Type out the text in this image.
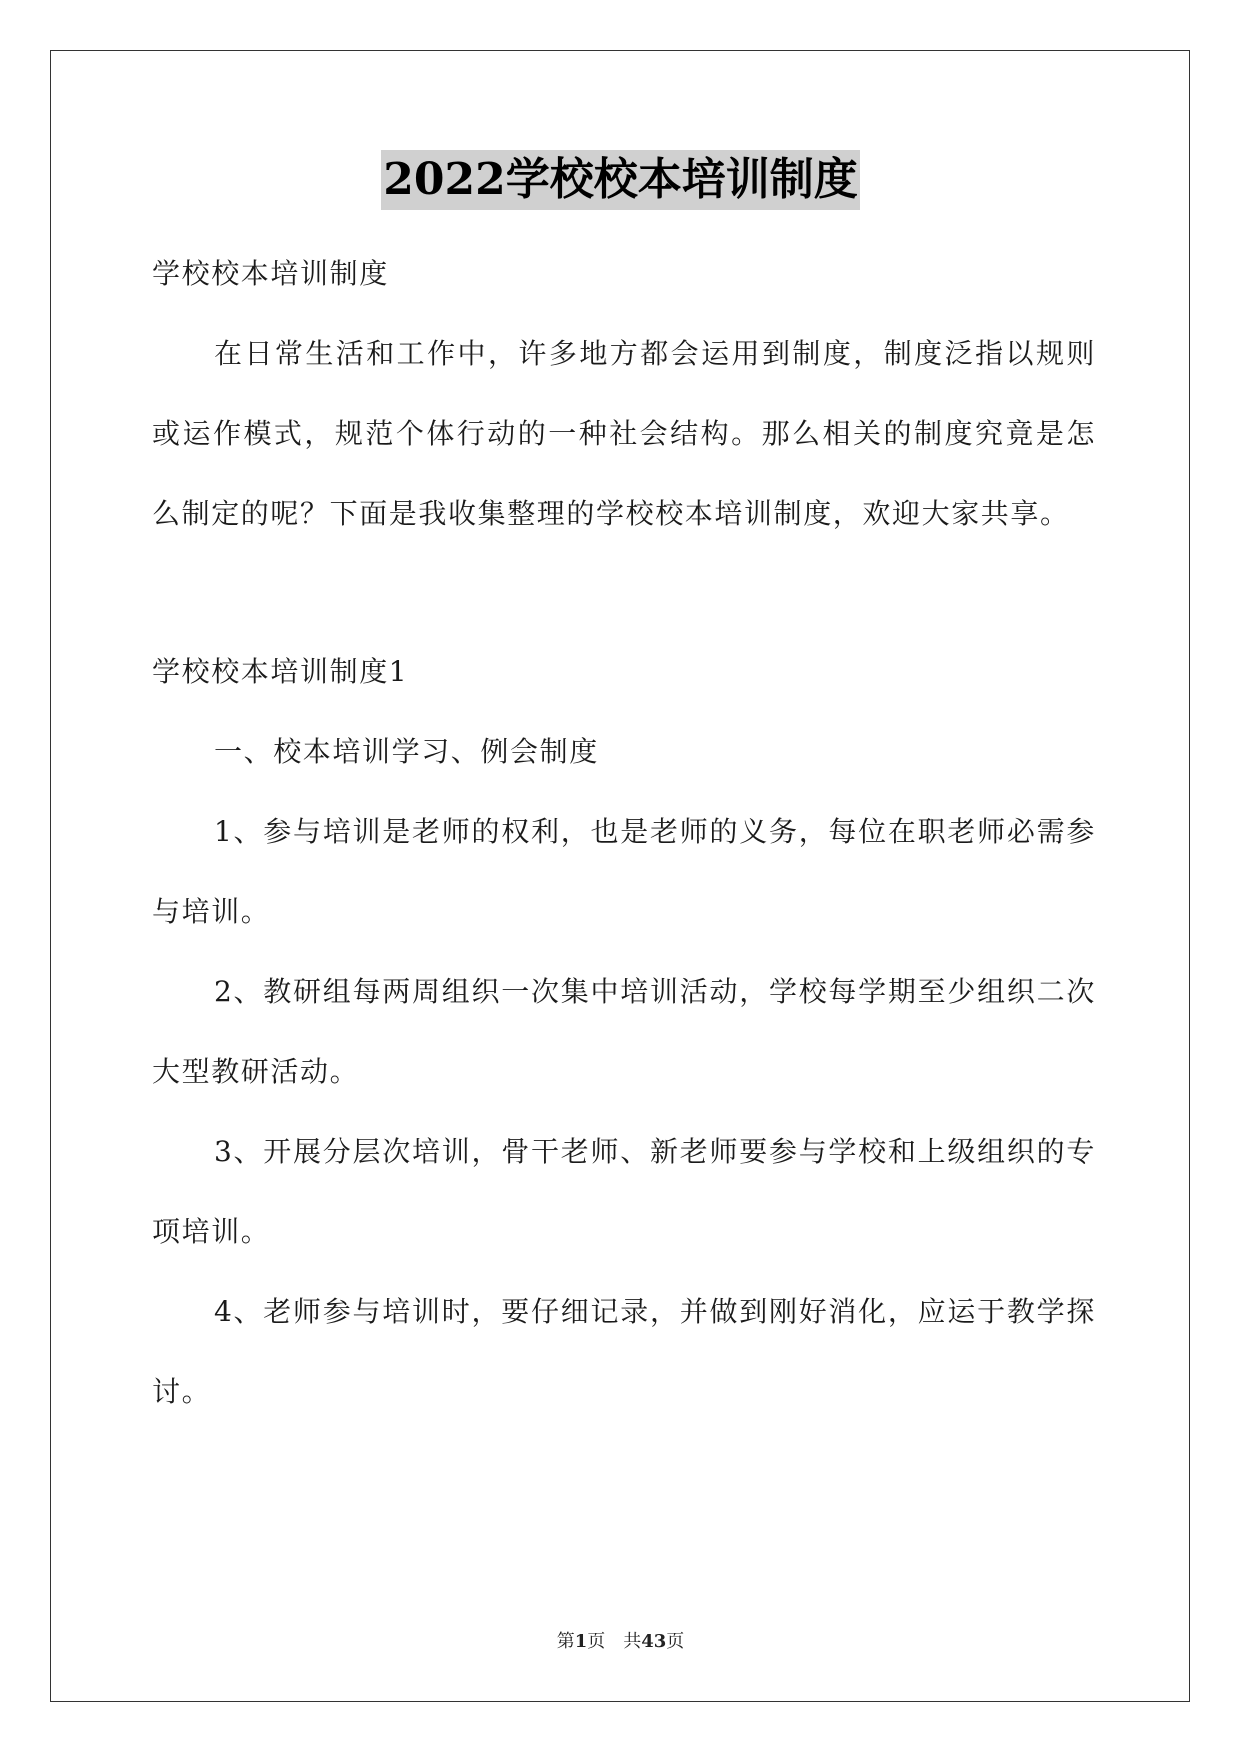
2022学校校本培训制度

学校校本培训制度

在日常生活和工作中，许多地方都会运用到制度，制度泛指以规则或运作模式，规范个体行动的一种社会结构。那么相关的制度究竟是怎么制定的呢？下面是我收集整理的学校校本培训制度，欢迎大家共享。

学校校本培训制度1

一、校本培训学习、例会制度

1、参与培训是老师的权利，也是老师的义务，每位在职老师必需参与培训。

2、教研组每两周组织一次集中培训活动，学校每学期至少组织二次大型教研活动。

3、开展分层次培训，骨干老师、新老师要参与学校和上级组织的专项培训。

4、老师参与培训时，要仔细记录，并做到刚好消化，应运于教学探讨。

第1页 共43页
